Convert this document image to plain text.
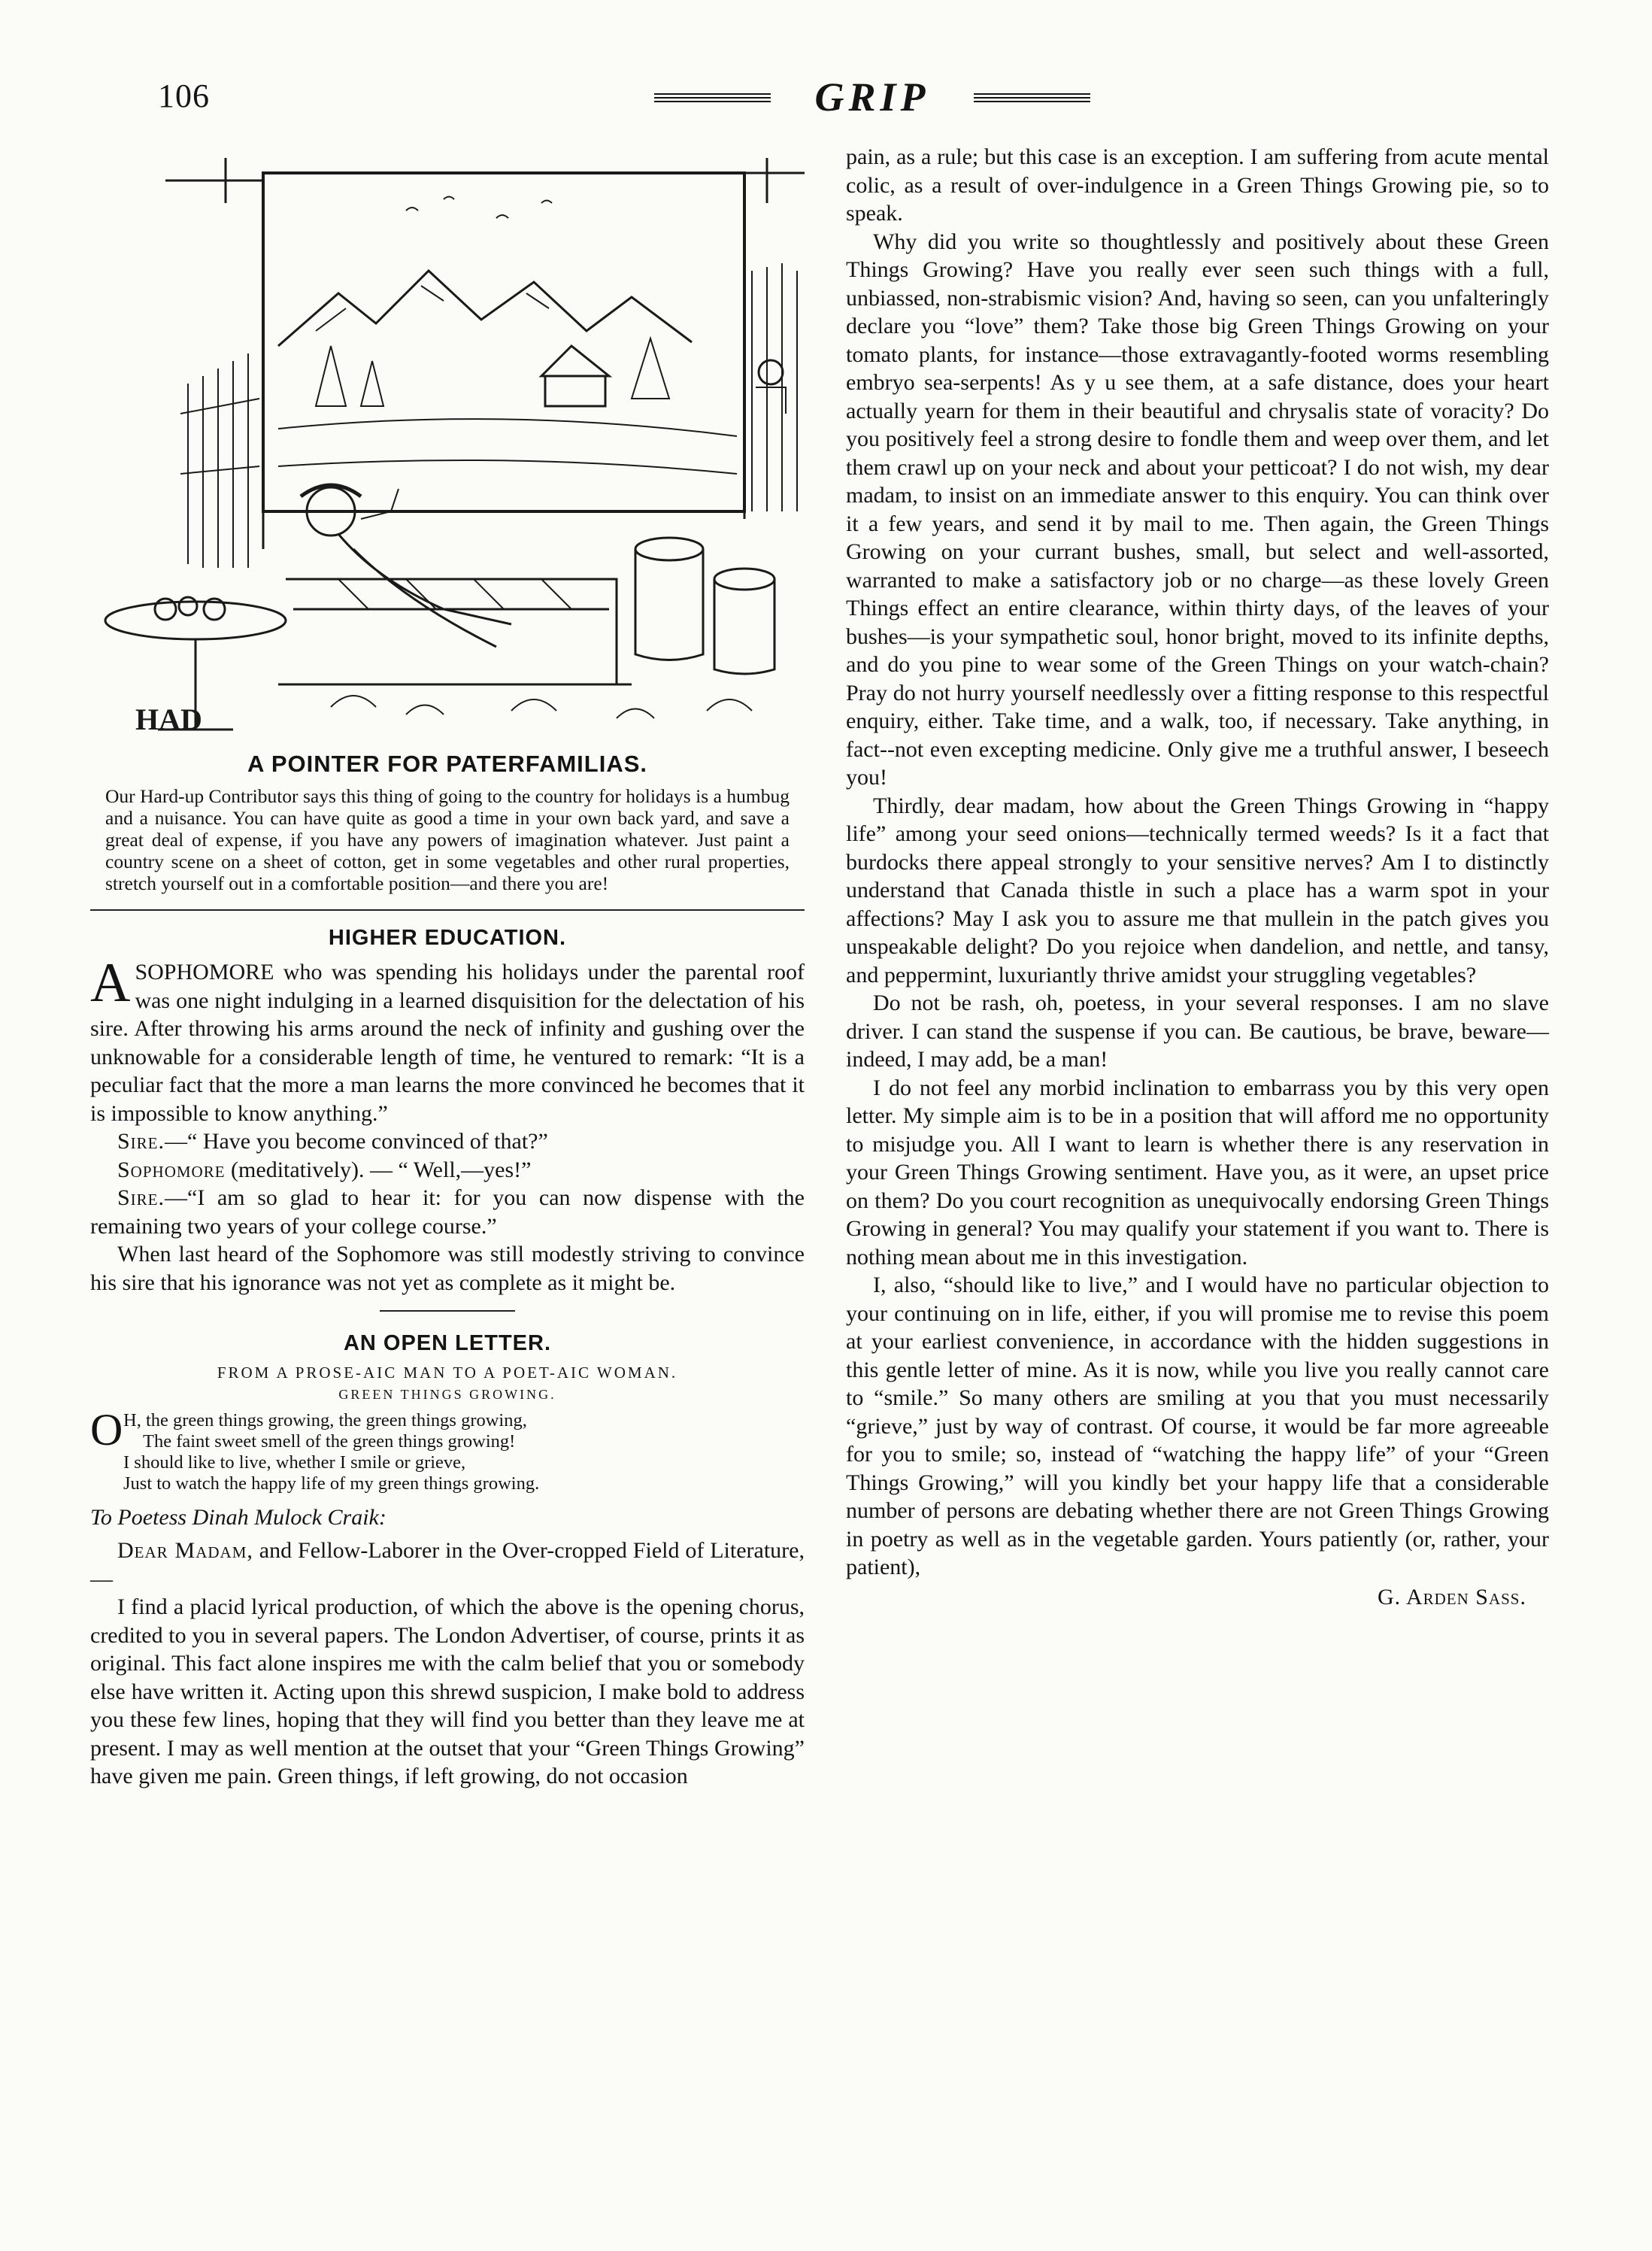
106	GRIP
HAD
A POINTER FOR PATERFAMILIAS.
Our Hard-up Contributor says this thing of going to the country for holidays is a humbug and a nuisance. You can have quite as good a time in your own back yard, and save a great deal of expense, if you have any powers of imagination whatever. Just paint a country scene on a sheet of cotton, get in some vegetables and other rural properties, stretch yourself out in a comfortable position—and there you are!
HIGHER EDUCATION.

ASOPHOMORE who was spending his holidays under the parental roof was one night indulging in a learned disquisition for the delectation of his sire. After throwing his arms around the neck of infinity and gushing over the unknowable for a considerable length of time, he ventured to remark: “It is a peculiar fact that the more a man learns the more convinced he becomes that it is impossible to know anything.”

Sire.—“ Have you become convinced of that?”

Sophomore (meditatively). — “ Well,—yes!”

Sire.—“I am so glad to hear it: for you can now dispense with the remaining two years of your college course.”

When last heard of the Sophomore was still modestly striving to convince his sire that his ignorance was not yet as complete as it might be.

AN OPEN LETTER.
FROM A PROSE-AIC MAN TO A POET-AIC WOMAN.
GREEN THINGS GROWING.
O H, the green things growing, the green things growing,
The faint sweet smell of the green things growing!
I should like to live, whether I smile or grieve,
Just to watch the happy life of my green things growing.
To Poetess Dinah Mulock Craik:

Dear Madam, and Fellow-Laborer in the Over-cropped Field of Literature,—

I find a placid lyrical production, of which the above is the opening chorus, credited to you in several papers. The London Advertiser, of course, prints it as original. This fact alone inspires me with the calm belief that you or somebody else have written it. Acting upon this shrewd suspicion, I make bold to address you these few lines, hoping that they will find you better than they leave me at present. I may as well mention at the outset that your “Green Things Growing” have given me pain. Green things, if left growing, do not occasion

pain, as a rule; but this case is an exception. I am suffering from acute mental colic, as a result of over-indulgence in a Green Things Growing pie, so to speak.

Why did you write so thoughtlessly and positively about these Green Things Growing? Have you really ever seen such things with a full, unbiassed, non-strabismic vision? And, having so seen, can you unfalteringly declare you “love” them? Take those big Green Things Growing on your tomato plants, for instance—those extravagantly-footed worms resembling embryo sea-serpents! As y u see them, at a safe distance, does your heart actually yearn for them in their beautiful and chrysalis state of voracity? Do you positively feel a strong desire to fondle them and weep over them, and let them crawl up on your neck and about your petticoat? I do not wish, my dear madam, to insist on an immediate answer to this enquiry. You can think over it a few years, and send it by mail to me. Then again, the Green Things Growing on your currant bushes, small, but select and well-assorted, warranted to make a satisfactory job or no charge—as these lovely Green Things effect an entire clearance, within thirty days, of the leaves of your bushes—is your sympathetic soul, honor bright, moved to its infinite depths, and do you pine to wear some of the Green Things on your watch-chain? Pray do not hurry yourself needlessly over a fitting response to this respectful enquiry, either. Take time, and a walk, too, if necessary. Take anything, in fact--not even excepting medicine. Only give me a truthful answer, I beseech you!

Thirdly, dear madam, how about the Green Things Growing in “happy life” among your seed onions—technically termed weeds? Is it a fact that burdocks there appeal strongly to your sensitive nerves? Am I to distinctly understand that Canada thistle in such a place has a warm spot in your affections? May I ask you to assure me that mullein in the patch gives you unspeakable delight? Do you rejoice when dandelion, and nettle, and tansy, and peppermint, luxuriantly thrive amidst your struggling vegetables?

Do not be rash, oh, poetess, in your several responses. I am no slave driver. I can stand the suspense if you can. Be cautious, be brave, beware—indeed, I may add, be a man!

I do not feel any morbid inclination to embarrass you by this very open letter. My simple aim is to be in a position that will afford me no opportunity to misjudge you. All I want to learn is whether there is any reservation in your Green Things Growing sentiment. Have you, as it were, an upset price on them? Do you court recognition as unequivocally endorsing Green Things Growing in general? You may qualify your statement if you want to. There is nothing mean about me in this investigation.

I, also, “should like to live,” and I would have no particular objection to your continuing on in life, either, if you will promise me to revise this poem at your earliest convenience, in accordance with the hidden suggestions in this gentle letter of mine. As it is now, while you live you really cannot care to “smile.” So many others are smiling at you that you must necessarily “grieve,” just by way of contrast. Of course, it would be far more agreeable for you to smile; so, instead of “watching the happy life” of your “Green Things Growing,” will you kindly bet your happy life that a considerable number of persons are debating whether there are not Green Things Growing in poetry as well as in the vegetable garden. Yours patiently (or, rather, your patient),

G. Arden Sass.
